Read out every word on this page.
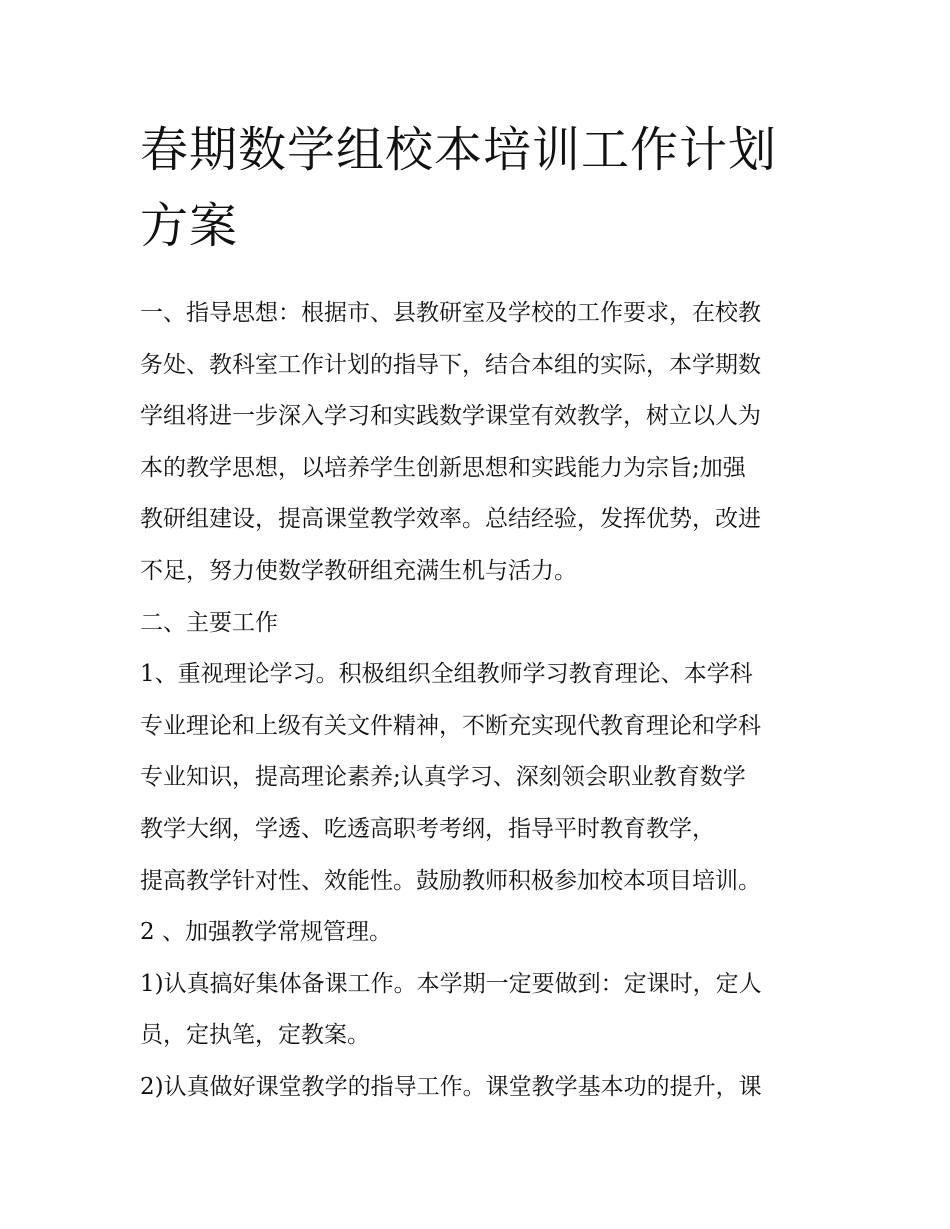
春期数学组校本培训工作计划
方案
一、指导思想：根据市、县教研室及学校的工作要求，在校教
务处、教科室工作计划的指导下，结合本组的实际，本学期数
学组将进一步深入学习和实践数学课堂有效教学，树立以人为
本的教学思想，以培养学生创新思想和实践能力为宗旨;加强
教研组建设，提高课堂教学效率。总结经验，发挥优势，改进
不足，努力使数学教研组充满生机与活力。
二、主要工作
1、重视理论学习。积极组织全组教师学习教育理论、本学科
专业理论和上级有关文件精神，不断充实现代教育理论和学科
专业知识，提高理论素养;认真学习、深刻领会职业教育数学
教学大纲，学透、吃透高职考考纲，指导平时教育教学，
提高教学针对性、效能性。鼓励教师积极参加校本项目培训。
2 、加强教学常规管理。
1)认真搞好集体备课工作。本学期一定要做到：定课时，定人
员，定执笔，定教案。
2)认真做好课堂教学的指导工作。课堂教学基本功的提升，课
